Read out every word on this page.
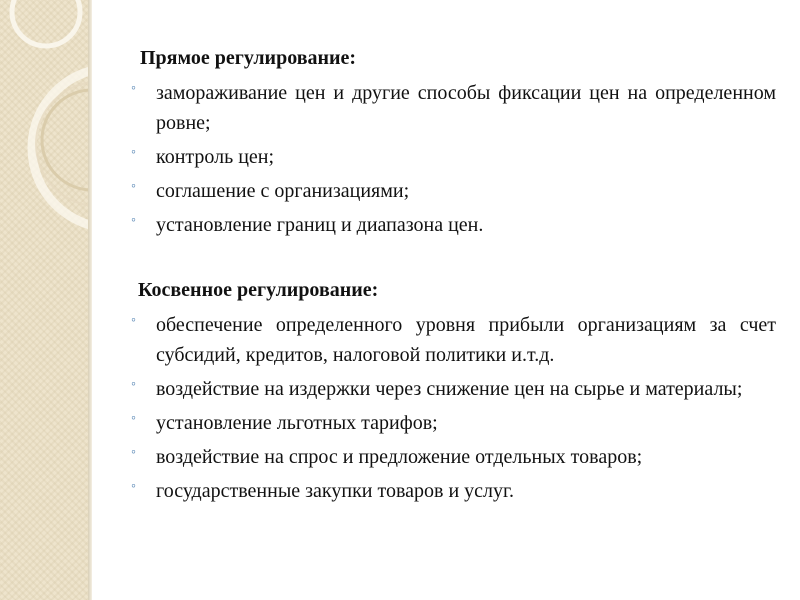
Прямое регулирование:
◦ замораживание цен и другие способы фиксации цен на определенном ровне;
◦ контроль цен;
◦ соглашение с организациями;
◦ установление границ и диапазона цен.
Косвенное регулирование:
◦ обеспечение определенного уровня прибыли организациям за счет субсидий, кредитов, налоговой политики и.т.д.
◦ воздействие на издержки через снижение цен на сырье и материалы;
◦ установление льготных тарифов;
◦ воздействие на спрос и предложение отдельных товаров;
◦ государственные закупки товаров и услуг.
